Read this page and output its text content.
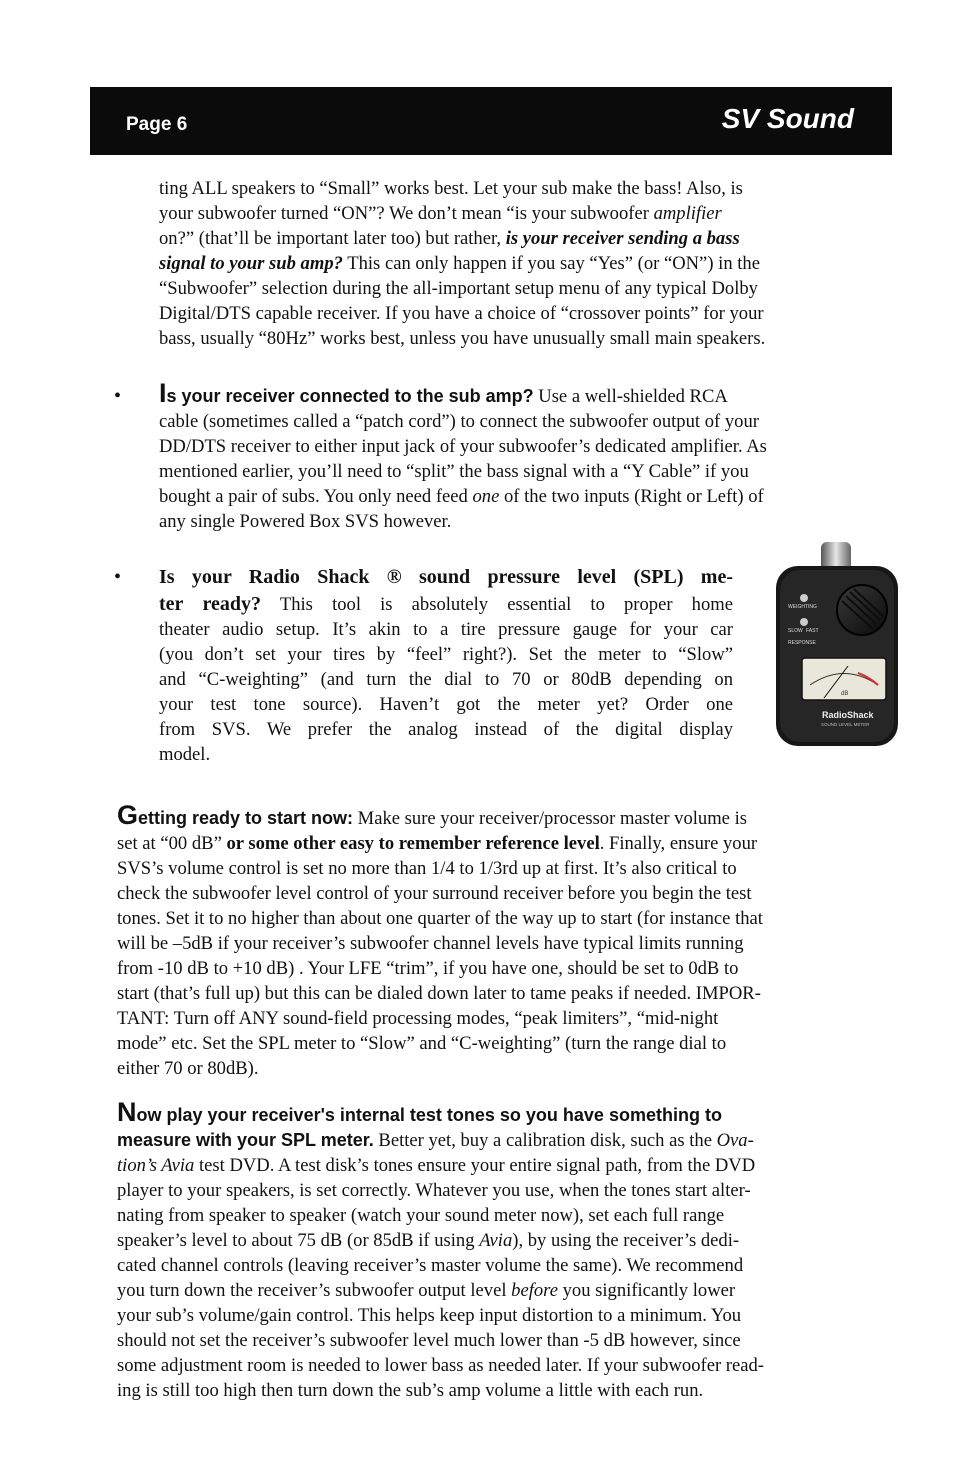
Page 6	SV Sound

ting ALL speakers to “Small” works best. Let your sub make the bass! Also, is

your subwoofer turned “ON”? We don’t mean “is your subwoofer amplifier

on?” (that’ll be important later too) but rather, is your receiver sending a bass

signal to your sub amp? This can only happen if you say “Yes” (or “ON”) in the

“Subwoofer” selection during the all-important setup menu of any typical Dolby

Digital/DTS capable receiver. If you have a choice of “crossover points” for your

bass, usually “80Hz” works best, unless you have unusually small main speakers.

• Is your receiver connected to the sub amp? Use a well-shielded RCA

cable (sometimes called a “patch cord”) to connect the subwoofer output of your

DD/DTS receiver to either input jack of your subwoofer’s dedicated amplifier. As

mentioned earlier, you’ll need to “split” the bass signal with a “Y Cable” if you

bought a pair of subs. You only need feed one of the two inputs (Right or Left) of

any single Powered Box SVS however.

• Is your Radio Shack ® sound pressure level (SPL) me-

ter ready? This tool is absolutely essential to proper home

theater audio setup. It’s akin to a tire pressure gauge for your car

(you don’t set your tires by “feel” right?). Set the meter to “Slow”

and “C-weighting” (and turn the dial to 70 or 80dB depending on

your test tone source). Haven’t got the meter yet? Order one

from SVS. We prefer the analog instead of the digital display

model.

WEIGHTING
SLOW FAST
RESPONSE
dB
RadioShack
SOUND LEVEL METER

Getting ready to start now: Make sure your receiver/processor master volume is

set at “00 dB” or some other easy to remember reference level. Finally, ensure your

SVS’s volume control is set no more than 1/4 to 1/3rd up at first. It’s also critical to

check the subwoofer level control of your surround receiver before you begin the test

tones. Set it to no higher than about one quarter of the way up to start (for instance that

will be –5dB if your receiver’s subwoofer channel levels have typical limits running

from -10 dB to +10 dB) . Your LFE “trim”, if you have one, should be set to 0dB to

start (that’s full up) but this can be dialed down later to tame peaks if needed. IMPOR-

TANT: Turn off ANY sound-field processing modes, “peak limiters”, “mid-night

mode” etc. Set the SPL meter to “Slow” and “C-weighting” (turn the range dial to

either 70 or 80dB).

Now play your receiver's internal test tones so you have something to

measure with your SPL meter. Better yet, buy a calibration disk, such as the Ova-

tion’s Avia test DVD. A test disk’s tones ensure your entire signal path, from the DVD

player to your speakers, is set correctly. Whatever you use, when the tones start alter-

nating from speaker to speaker (watch your sound meter now), set each full range

speaker’s level to about 75 dB (or 85dB if using Avia), by using the receiver’s dedi-

cated channel controls (leaving receiver’s master volume the same). We recommend

you turn down the receiver’s subwoofer output level before you significantly lower

your sub’s volume/gain control. This helps keep input distortion to a minimum. You

should not set the receiver’s subwoofer level much lower than -5 dB however, since

some adjustment room is needed to lower bass as needed later. If your subwoofer read-

ing is still too high then turn down the sub’s amp volume a little with each run.
